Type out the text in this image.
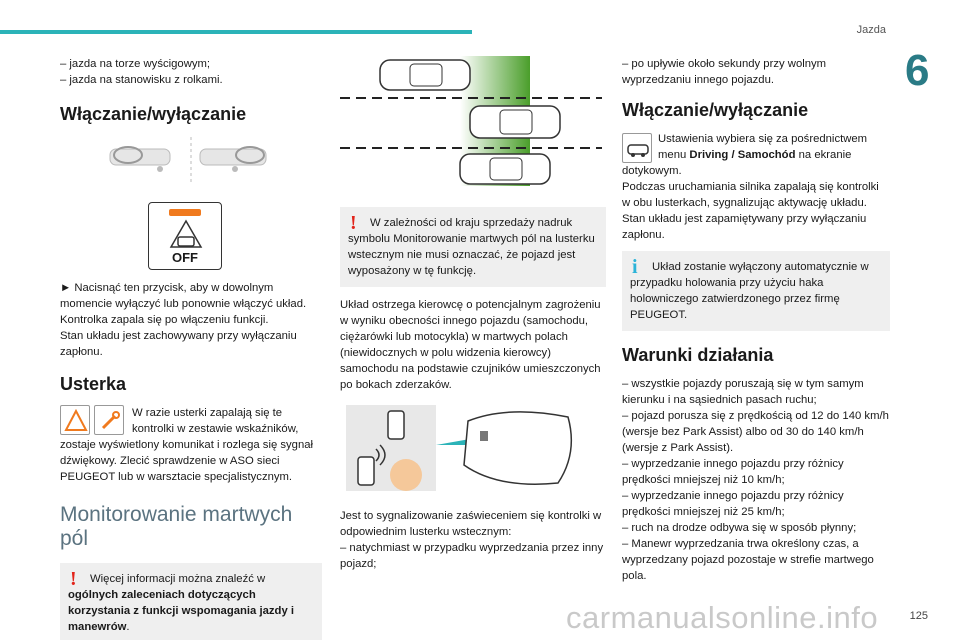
Jazda
6
125
carmanualsonline.info

– jazda na torze wyścigowym;

– jazda na stanowisku z rolkami.

Włączanie/wyłączanie
OFF

► Nacisnąć ten przycisk, aby w dowolnym momencie wyłączyć lub ponownie włączyć układ.

Kontrolka zapala się po włączeniu funkcji.

Stan układu jest zachowywany przy wyłączaniu zapłonu.

Usterka

W razie usterki zapalają się te kontrolki w zestawie wskaźników, zostaje wyświetlony komunikat i rozlega się sygnał dźwiękowy. Zlecić sprawdzenie w ASO sieci PEUGEOT lub w warsztacie specjalistycznym.

Monitorowanie martwych pól
!	Więcej informacji można znaleźć w ogólnych zaleceniach dotyczących korzystania z funkcji wspomagania jazdy i manewrów.

!	W zależności od kraju sprzedaży nadruk symbolu Monitorowanie martwych pól na lusterku wstecznym nie musi oznaczać, że pojazd jest wyposażony w tę funkcję.

Układ ostrzega kierowcę o potencjalnym zagrożeniu w wyniku obecności innego pojazdu (samochodu, ciężarówki lub motocykla) w martwych polach (niewidocznych w polu widzenia kierowcy) samochodu na podstawie czujników umieszczonych po bokach zderzaków.

Jest to sygnalizowanie zaświeceniem się kontrolki w odpowiednim lusterku wstecznym:

– natychmiast w przypadku wyprzedzania przez inny pojazd;

– po upływie około sekundy przy wolnym wyprzedzaniu innego pojazdu.

Włączanie/wyłączanie

Ustawienia wybiera się za pośrednictwem menu Driving / Samochód na ekranie dotykowym.

Podczas uruchamiania silnika zapalają się kontrolki w obu lusterkach, sygnalizując aktywację układu.

Stan układu jest zapamiętywany przy wyłączaniu zapłonu.

i	Układ zostanie wyłączony automatycznie w przypadku holowania przy użyciu haka holowniczego zatwierdzonego przez firmę PEUGEOT.

Warunki działania

– wszystkie pojazdy poruszają się w tym samym kierunku i na sąsiednich pasach ruchu;

– pojazd porusza się z prędkością od 12 do 140 km/h (wersje bez Park Assist) albo od 30 do 140 km/h (wersje z Park Assist).

– wyprzedzanie innego pojazdu przy różnicy prędkości mniejszej niż 10 km/h;

– wyprzedzanie innego pojazdu przy różnicy prędkości mniejszej niż 25 km/h;

– ruch na drodze odbywa się w sposób płynny;

– Manewr wyprzedzania trwa określony czas, a wyprzedzany pojazd pozostaje w strefie martwego pola.
